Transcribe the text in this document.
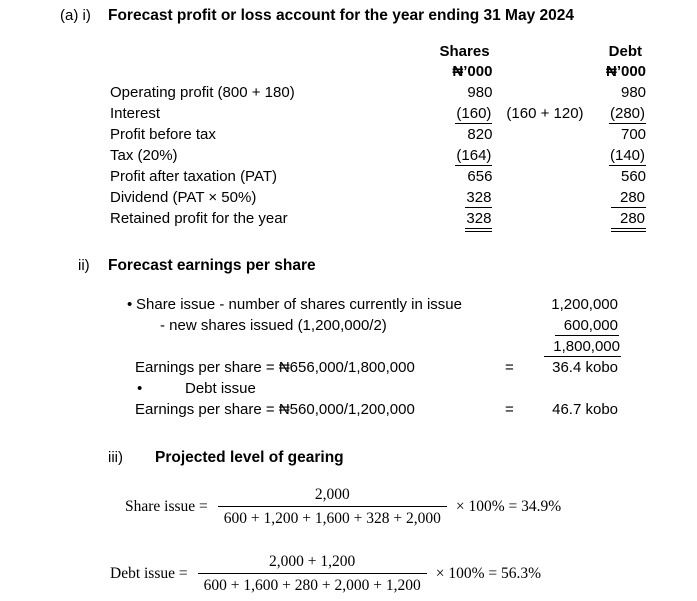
(a) i)	Forecast profit or loss account for the year ending 31 May 2024
Shares	Debt
₦’000	₦’000
Operating profit (800 + 180)	980	980
Interest	(160) (160 + 120)	(280)
Profit before tax	820	700
Tax (20%)	(164)	(140)
Profit after taxation (PAT)	656	560
Dividend (PAT × 50%)	328	280
Retained profit for the year	328	280
ii)	Forecast earnings per share
• Share issue - number of shares currently in issue	1,200,000
- new shares issued (1,200,000/2)	600,000
1,800,000
Earnings per share = ₦656,000/1,800,000	=	36.4 kobo
•	Debt issue
Earnings per share = ₦560,000/1,200,000	=	46.7 kobo
iii)	Projected level of gearing
Share issue = $\frac{2,000}{600 + 1,200 + 1,600 + 328 + 2,000} \times 100\% = 34.9\%$
Debt issue = $\frac{2,000 + 1,200}{600 + 1,600 + 280 + 2,000 + 1,200} \times 100\% = 56.3\%$
